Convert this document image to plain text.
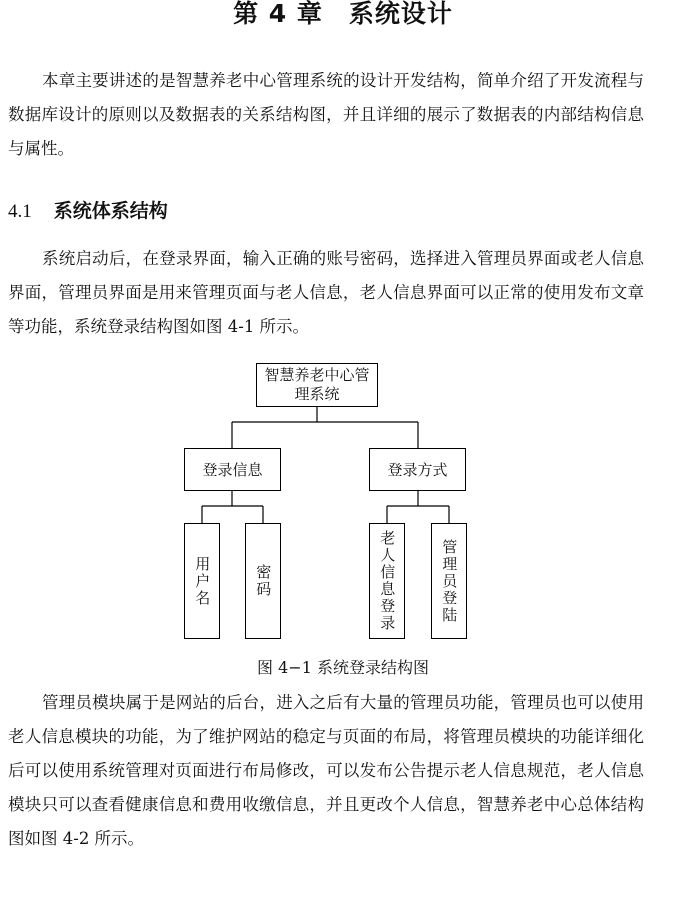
第 4 章　系统设计

本章主要讲述的是智慧养老中心管理系统的设计开发结构，简单介绍了开发流程与数据库设计的原则以及数据表的关系结构图，并且详细的展示了数据表的内部结构信息与属性。

4.1 系统体系结构

系统启动后，在登录界面，输入正确的账号密码，选择进入管理员界面或老人信息界面，管理员界面是用来管理页面与老人信息，老人信息界面可以正常的使用发布文章等功能，系统登录结构图如图 4-1 所示。

智慧养老中心管理系统
登录信息	登录方式
用户名	密码	老人信息登录	管理员登陆

图 4−1 系统登录结构图

管理员模块属于是网站的后台，进入之后有大量的管理员功能，管理员也可以使用老人信息模块的功能，为了维护网站的稳定与页面的布局，将管理员模块的功能详细化后可以使用系统管理对页面进行布局修改，可以发布公告提示老人信息规范，老人信息模块只可以查看健康信息和费用收缴信息，并且更改个人信息，智慧养老中心总体结构图如图 4-2 所示。
